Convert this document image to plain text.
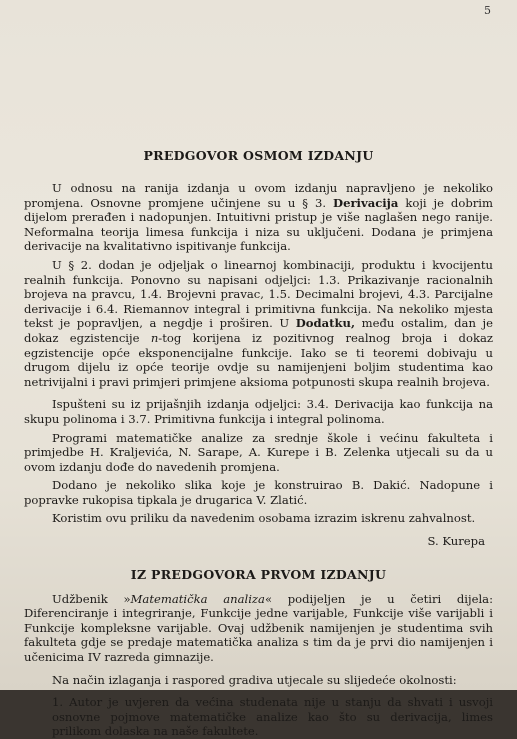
5
PREDGOVOR OSMOM IZDANJU

U odnosu na ranija izdanja u ovom izdanju napravljeno je nekoliko promjena. Osnovne promjene učinjene su u § 3. Derivacija koji je dobrim dijelom prerađen i nadopunjen. Intuitivni pristup je više naglašen nego ranije. Neformalna teorija limesa funkcija i niza su uključeni. Dodana je primjena derivacije na kvalitativno ispitivanje funkcija.

U § 2. dodan je odjeljak o linearnoj kombinaciji, produktu i kvocijentu realnih funkcija. Ponovno su napisani odjeljci: 1.3. Prikazivanje racionalnih brojeva na pravcu, 1.4. Brojevni pravac, 1.5. Decimalni brojevi, 4.3. Parcijalne derivacije i 6.4. Riemannov integral i primitivna funkcija. Na nekoliko mjesta tekst je popravljen, a negdje i proširen. U Dodatku, među ostalim, dan je dokaz egzistencije n-tog korijena iz pozitivnog realnog broja i dokaz egzistencije opće eksponencijalne funkcije. Iako se ti teoremi dobivaju u drugom dijelu iz opće teorije ovdje su namijenjeni boljim studentima kao netrivijalni i pravi primjeri primjene aksioma potpunosti skupa realnih brojeva.

Ispušteni su iz prijašnjih izdanja odjeljci: 3.4. Derivacija kao funkcija na skupu polinoma i 3.7. Primitivna funkcija i integral polinoma.

Programi matematičke analize za srednje škole i većinu fakulteta i primjedbe H. Kraljevića, N. Sarape, A. Kurepe i B. Zelenka utjecali su da u ovom izdanju dođe do navedenih promjena.

Dodano je nekoliko slika koje je konstruirao B. Dakić. Nadopune i popravke rukopisa tipkala je drugarica V. Zlatić.

Koristim ovu priliku da navedenim osobama izrazim iskrenu zahvalnost.

S. Kurepa

IZ PREDGOVORA PRVOM IZDANJU

Udžbenik »Matematička analiza« podijeljen je u četiri dijela: Diferenciranje i integriranje, Funkcije jedne varijable, Funkcije više varijabli i Funkcije kompleksne varijable. Ovaj udžbenik namijenjen je studentima svih fakulteta gdje se predaje matematička analiza s tim da je prvi dio namijenjen i učenicima IV razreda gimnazije.

Na način izlaganja i raspored gradiva utjecale su slijedeće okolnosti:

1. Autor je uvjeren da većina studenata nije u stanju da shvati i usvoji osnovne pojmove matematičke analize kao što su derivacija, limes prilikom dolaska na naše fakultete.
